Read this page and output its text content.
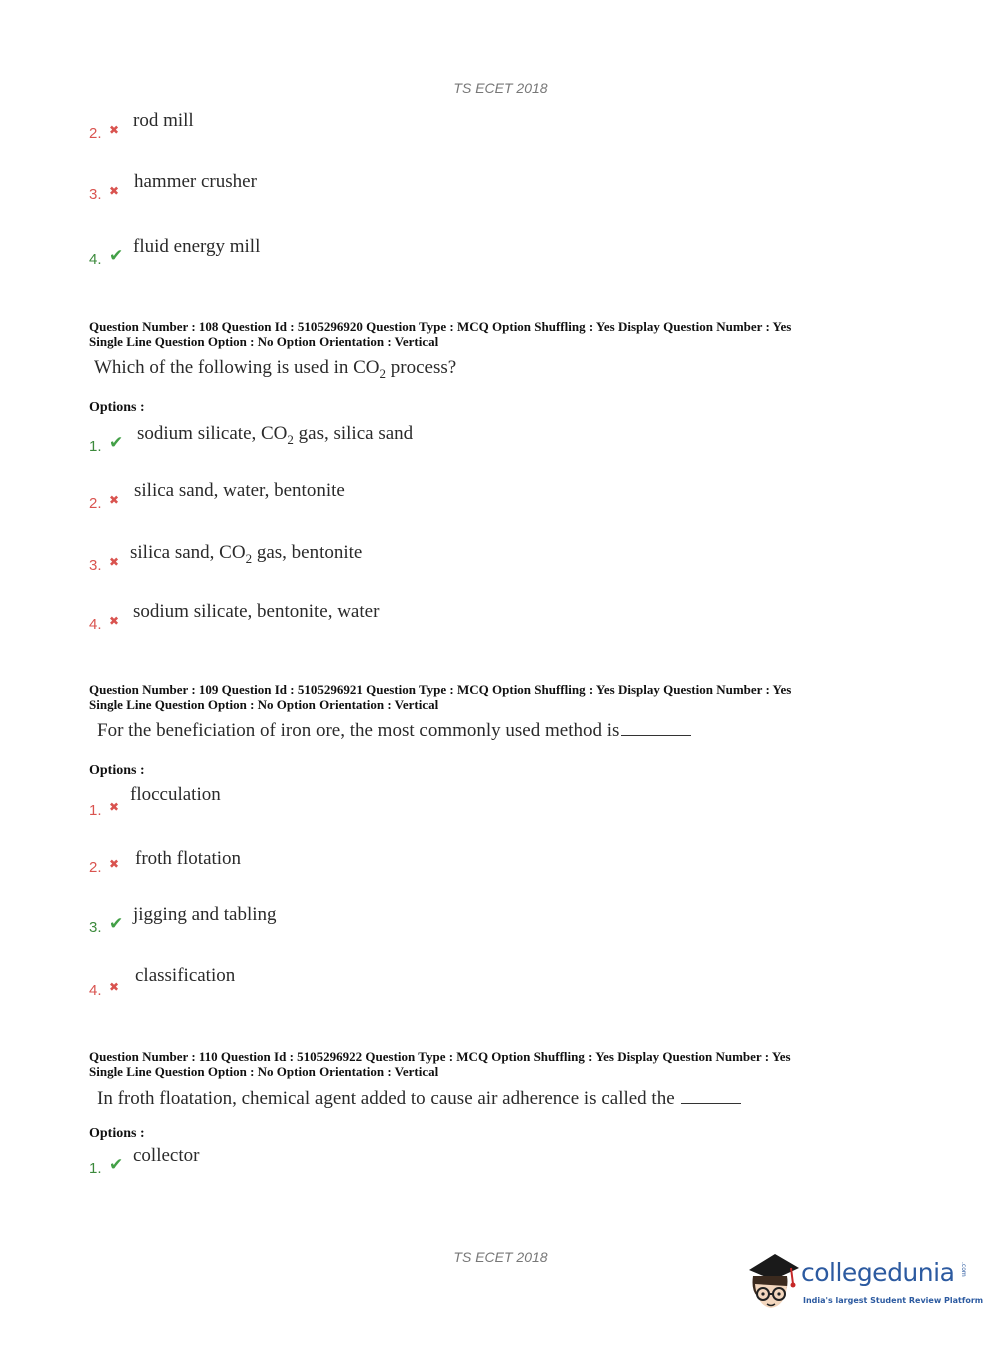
TS ECET 2018
2. ✖ rod mill
3. ✖ hammer crusher
4. ✔ fluid energy mill
Question Number : 108 Question Id : 5105296920 Question Type : MCQ Option Shuffling : Yes Display Question Number : Yes
Single Line Question Option : No Option Orientation : Vertical
Which of the following is used in $CO_2$ process?
Options :
1. ✔ sodium silicate, $CO_2$ gas, silica sand
2. ✖ silica sand, water, bentonite
3. ✖ silica sand, $CO_2$ gas, bentonite
4. ✖ sodium silicate, bentonite, water
Question Number : 109 Question Id : 5105296921 Question Type : MCQ Option Shuffling : Yes Display Question Number : Yes
Single Line Question Option : No Option Orientation : Vertical
For the beneficiation of iron ore, the most commonly used method is
Options :
1. ✖
flocculation
2. ✖ froth flotation
3. ✔ jigging and tabling
4. ✖
classification
Question Number : 110 Question Id : 5105296922 Question Type : MCQ Option Shuffling : Yes Display Question Number : Yes
Single Line Question Option : No Option Orientation : Vertical
In froth floatation, chemical agent added to cause air adherence is called the
Options :
1. ✔ collector
TS ECET 2018
collegedunia .com
India's largest Student Review Platform
